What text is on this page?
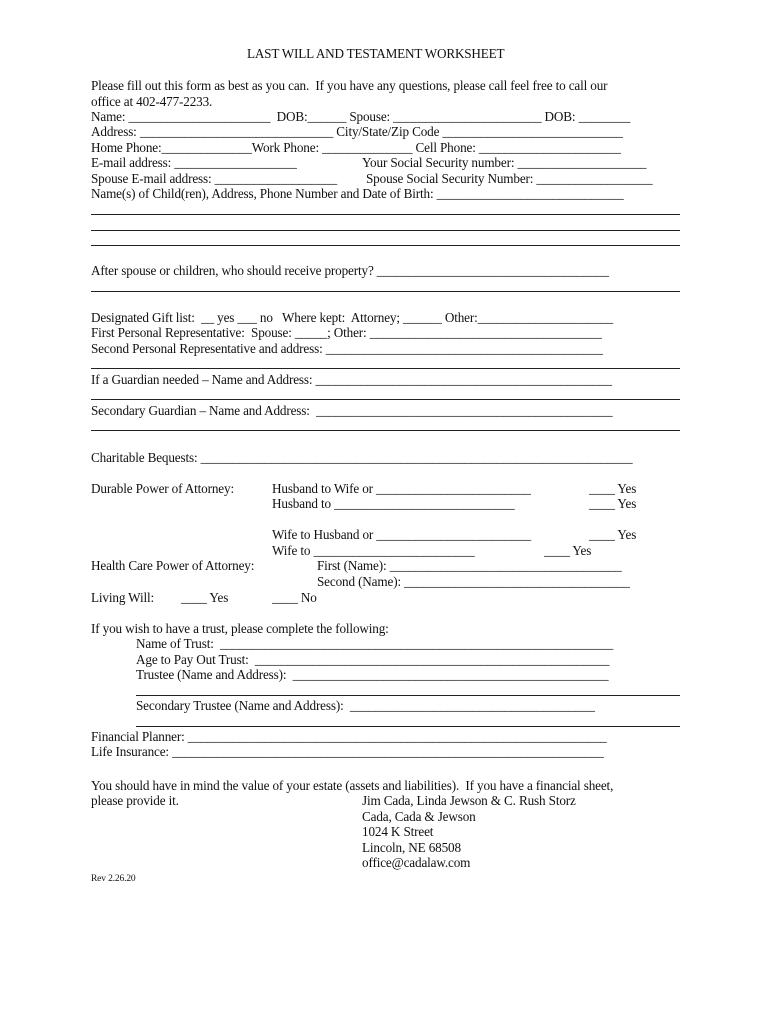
LAST WILL AND TESTAMENT WORKSHEET
Please fill out this form as best as you can.  If you have any questions, please call feel free to call our
office at 402-477-2233.
Name: ______________________  DOB:______ Spouse: _______________________ DOB: ________
Address: ______________________________ City/State/Zip Code ____________________________
Home Phone:______________Work Phone: ______________ Cell Phone: ______________________
E-mail address: ___________________	Your Social Security number: ____________________
Spouse E-mail address: ___________________ Spouse Social Security Number: __________________
Name(s) of Child(ren), Address, Phone Number and Date of Birth: _____________________________
After spouse or children, who should receive property? ____________________________________
Designated Gift list:  __ yes ___ no   Where kept:  Attorney; ______ Other:_____________________
First Personal Representative:  Spouse: _____; Other: ____________________________________
Second Personal Representative and address: ___________________________________________
If a Guardian needed – Name and Address: ______________________________________________
Secondary Guardian – Name and Address:  ______________________________________________
Charitable Bequests: ___________________________________________________________________
Durable Power of Attorney:	Husband to Wife or ________________________	____ Yes
Husband to ____________________________	____ Yes
Wife to Husband or ________________________	____ Yes
Wife to _________________________	____ Yes
Health Care Power of Attorney:	First (Name): ____________________________________
Second (Name): ___________________________________
Living Will: ____ Yes	____ No
If you wish to have a trust, please complete the following:
Name of Trust:  _____________________________________________________________
Age to Pay Out Trust:  _______________________________________________________
Trustee (Name and Address):  _________________________________________________
Secondary Trustee (Name and Address):  ______________________________________
Financial Planner: _________________________________________________________________
Life Insurance: ___________________________________________________________________
You should have in mind the value of your estate (assets and liabilities).  If you have a financial sheet,
please provide it.	Jim Cada, Linda Jewson & C. Rush Storz
Cada, Cada & Jewson
1024 K Street
Lincoln, NE 68508
office@cadalaw.com
Rev 2.26.20
